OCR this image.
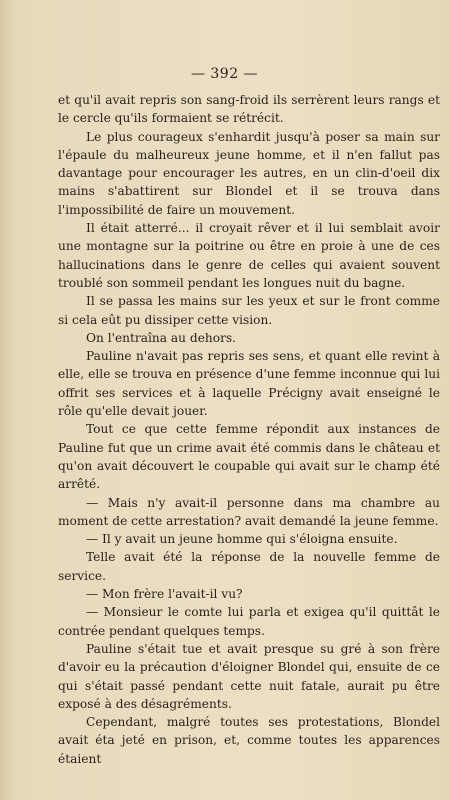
— 392 —

et qu'il avait repris son sang-froid ils serrèrent leurs rangs et le cercle qu'ils formaient se rétrécit.

Le plus courageux s'enhardit jusqu'à poser sa main sur l'épaule du malheureux jeune homme, et il n'en fallut pas davantage pour encourager les autres, en un clin-d'oeil dix mains s'abattirent sur Blondel et il se trouva dans l'impossibilité de faire un mouvement.

Il était atterré... il croyait rêver et il lui semblait avoir une montagne sur la poitrine ou être en proie à une de ces hallucinations dans le genre de celles qui avaient souvent troublé son sommeil pendant les longues nuit du bagne.

Il se passa les mains sur les yeux et sur le front comme si cela eût pu dissiper cette vision.

On l'entraîna au dehors.

Pauline n'avait pas repris ses sens, et quant elle revint à elle, elle se trouva en présence d'une femme inconnue qui lui offrit ses services et à laquelle Précigny avait enseigné le rôle qu'elle devait jouer.

Tout ce que cette femme répondit aux instances de Pauline fut que un crime avait été commis dans le château et qu'on avait découvert le coupable qui avait sur le champ été arrêté.

— Mais n'y avait-il personne dans ma chambre au moment de cette arrestation? avait demandé la jeune femme.

— Il y avait un jeune homme qui s'éloigna ensuite.

Telle avait été la réponse de la nouvelle femme de service.

— Mon frère l'avait-il vu?

— Monsieur le comte lui parla et exigea qu'il quittât le contrée pendant quelques temps.

Pauline s'était tue et avait presque su gré à son frère d'avoir eu la précaution d'éloigner Blondel qui, ensuite de ce qui s'était passé pendant cette nuit fatale, aurait pu être exposé à des désagréments.

Cependant, malgré toutes ses protestations, Blondel avait éta jeté en prison, et, comme toutes les apparences étaient
